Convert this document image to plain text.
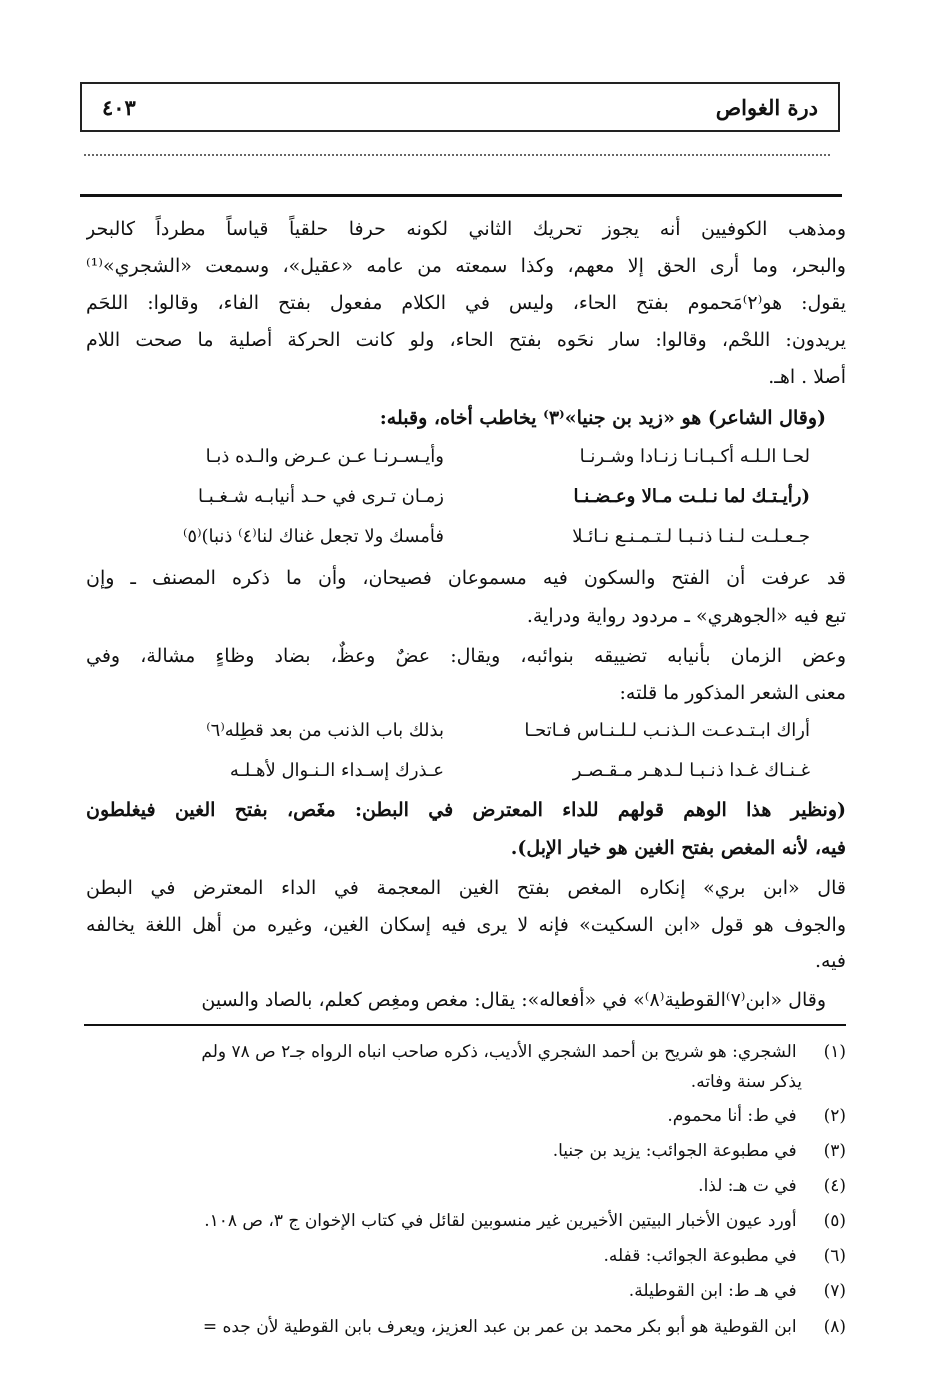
درة الغواص
٤٠٣
ومذهب الكوفيين أنه يجوز تحريك الثاني لكونه حرفا حلقياً قياساً مطرداً كالبحر
والبحر، وما أرى الحق إلا معهم، وكذا سمعته من عامه «عقيل»، وسمعت «الشجري»⁽¹⁾
يقول: هو⁽٢⁾مَحموم بفتح الحاء، وليس في الكلام مفعول بفتح الفاء، وقالوا: اللحَم
يريدون: اللحْم، وقالوا: سار نحَوه بفتح الحاء، ولو كانت الحركة أصلية ما صحت اللام
أصلا . اهـ.
(وقال الشاعر) هو «زيد بن جنيا»⁽٣⁾ يخاطب أخاه، وقبله:
لحـا الـلـه أكـبـانـا زنـادا وشـرنـا
وأيـسـرنـا عـن عـرض والـده ذبـا
(رأيـتـك لما نـلـت مـالا وعـضـنـا
زمـان تـرى في حـد أنيابـه شـغـبـا
جـعـلـت لـنـا ذنـبـا لـتـمـنـع نـائـلا
فأمسك ولا تجعل غناك لنا⁽٤⁾ ذنبا)⁽٥⁾
قد عرفت أن الفتح والسكون فيه مسموعان فصيحان، وأن ما ذكره المصنف ـ وإن
تبع فيه «الجوهري» ـ مردود رواية ودراية.
وعض الزمان بأنيابه تضييقه بنوائبه، ويقال: عضٌ وعظٌ، بضاد وظاءٍ مشالة، وفي
معنى الشعر المذكور ما قلته:
أراك ابـتـدعـت الـذنـب لـلـنـاس فـاتحـا
بذلك باب الذنب من بعد قطِله⁽٦⁾
غـنـاك غـدا ذنـبـا لـدهـر مـقـصـر
عـذرك إسـداء الـنـوال لأهـلـه
(ونظير هذا الوهم قولهم للداء المعترض في البطن: مغَص، بفتح الغين فيغلطون
فيه، لأنه المغص بفتح الغين هو خيار الإبل).
قال «ابن بري» إنكاره المغص بفتح الغين المعجمة في الداء المعترض في البطن
والجوف هو قول «ابن السكيت» فإنه لا يرى فيه إسكان الغين، وغيره من أهل اللغة يخالفه
فيه.
وقال «ابن⁽٧⁾القوطية⁽٨⁾» في «أفعاله»: يقال: مغص ومغِص كعلم، بالصاد والسين
(١) الشجري: هو شريح بن أحمد الشجري الأديب، ذكره صاحب انباه الرواه جـ٢ ص ٧٨ ولم
يذكر سنة وفاته.
(٢) في ط: أنا محموم.
(٣) في مطبوعة الجوائب: يزيد بن جنيا.
(٤) في ت هـ: لذا.
(٥) أورد عيون الأخبار البيتين الأخيرين غير منسوبين لقائل في كتاب الإخوان ج ٣، ص ١٠٨.
(٦) في مطبوعة الجوائب: قفله.
(٧) في هـ ط: ابن القوطيلة.
(٨) ابن القوطية هو أبو بكر محمد بن عمر بن عبد العزيز، ويعرف بابن القوطية لأن جده =
